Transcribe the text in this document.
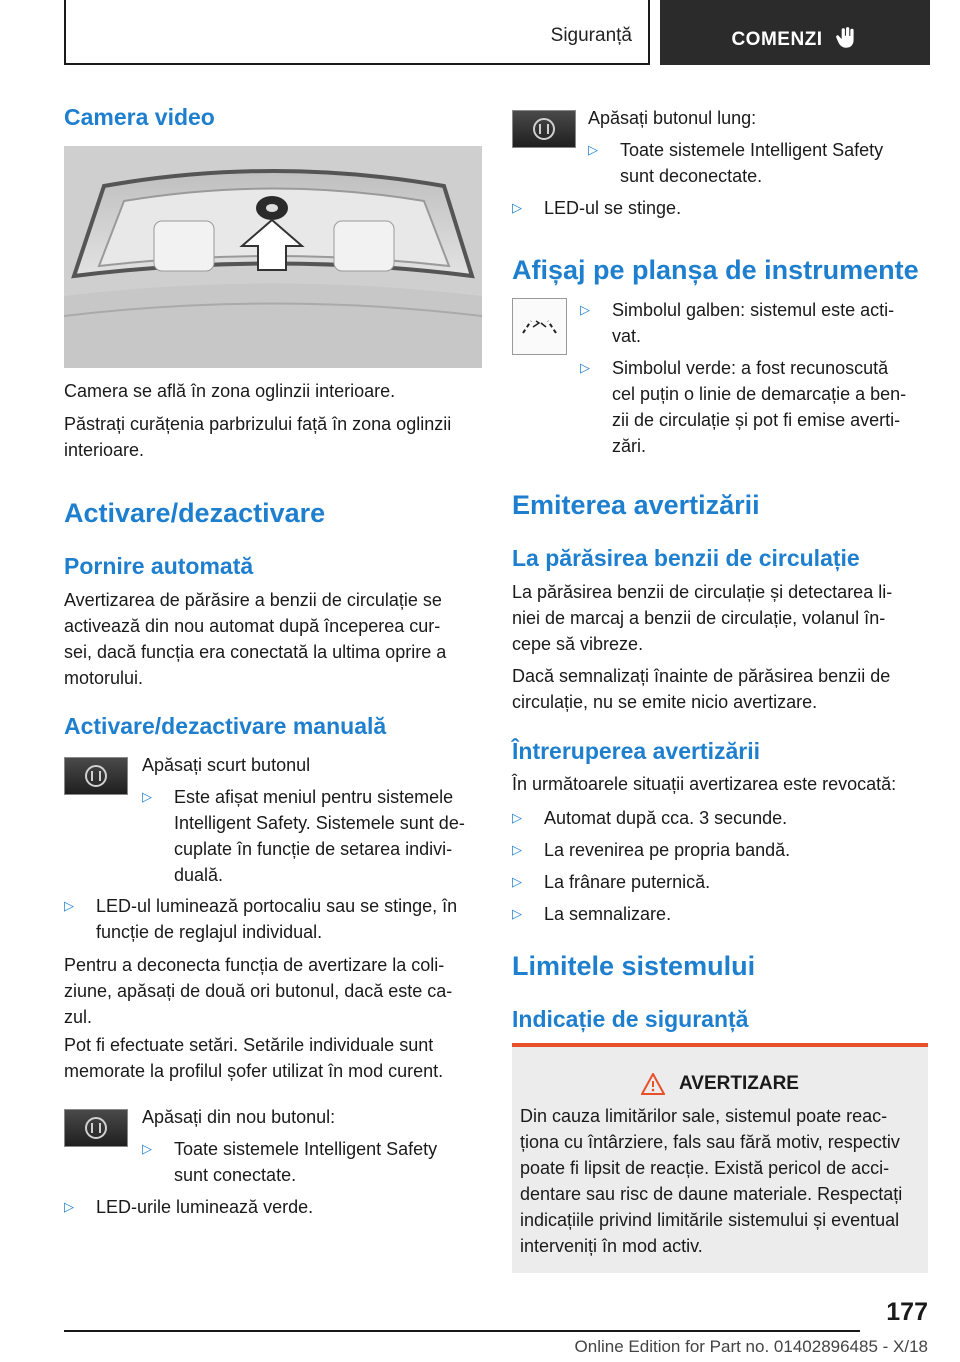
Siguranță	COMENZI
Camera video

Camera se află în zona oglinzii interioare.

Păstrați curățenia parbrizului față în zona oglinzii

interioare.

Activare/dezactivare
Pornire automată

Avertizarea de părăsire a benzii de circulație se

activează din nou automat după începerea cur-

sei, dacă funcția era conectată la ultima oprire a

motorului.

Activare/dezactivare manuală

Apăsați scurt butonul

▷	Este afișat meniul pentru sistemele
Intelligent Safety. Sistemele sunt de-
cuplate în funcție de setarea indivi-
duală.
▷	LED-ul luminează portocaliu sau se stinge, în
funcție de reglajul individual.

Pentru a deconecta funcția de avertizare la coli-

ziune, apăsați de două ori butonul, dacă este ca-

zul.

Pot fi efectuate setări. Setările individuale sunt

memorate la profilul șofer utilizat în mod curent.

Apăsați din nou butonul:

▷	Toate sistemele Intelligent Safety
sunt conectate.
▷	LED-urile luminează verde.

Apăsați butonul lung:

▷	Toate sistemele Intelligent Safety
sunt deconectate.
▷	LED-ul se stinge.
Afișaj pe planșa de instrumente
▷	Simbolul galben: sistemul este acti-
vat.
▷	Simbolul verde: a fost recunoscută
cel puțin o linie de demarcație a ben-
zii de circulație și pot fi emise averti-
zări.
Emiterea avertizării
La părăsirea benzii de circulație

La părăsirea benzii de circulație și detectarea li-

niei de marcaj a benzii de circulație, volanul în-

cepe să vibreze.

Dacă semnalizați înainte de părăsirea benzii de

circulație, nu se emite nicio avertizare.

Întreruperea avertizării

În următoarele situații avertizarea este revocată:

▷	Automat după cca. 3 secunde.
▷	La revenirea pe propria bandă.
▷	La frânare puternică.
▷	La semnalizare.
Limitele sistemului
Indicație de siguranță
AVERTIZARE
Din cauza limitărilor sale, sistemul poate reac-
ționa cu întârziere, fals sau fără motiv, respectiv
poate fi lipsit de reacție. Există pericol de acci-
dentare sau risc de daune materiale. Respectați
indicațiile privind limitările sistemului și eventual
interveniți în mod activ.
177
Online Edition for Part no. 01402896485 - X/18
